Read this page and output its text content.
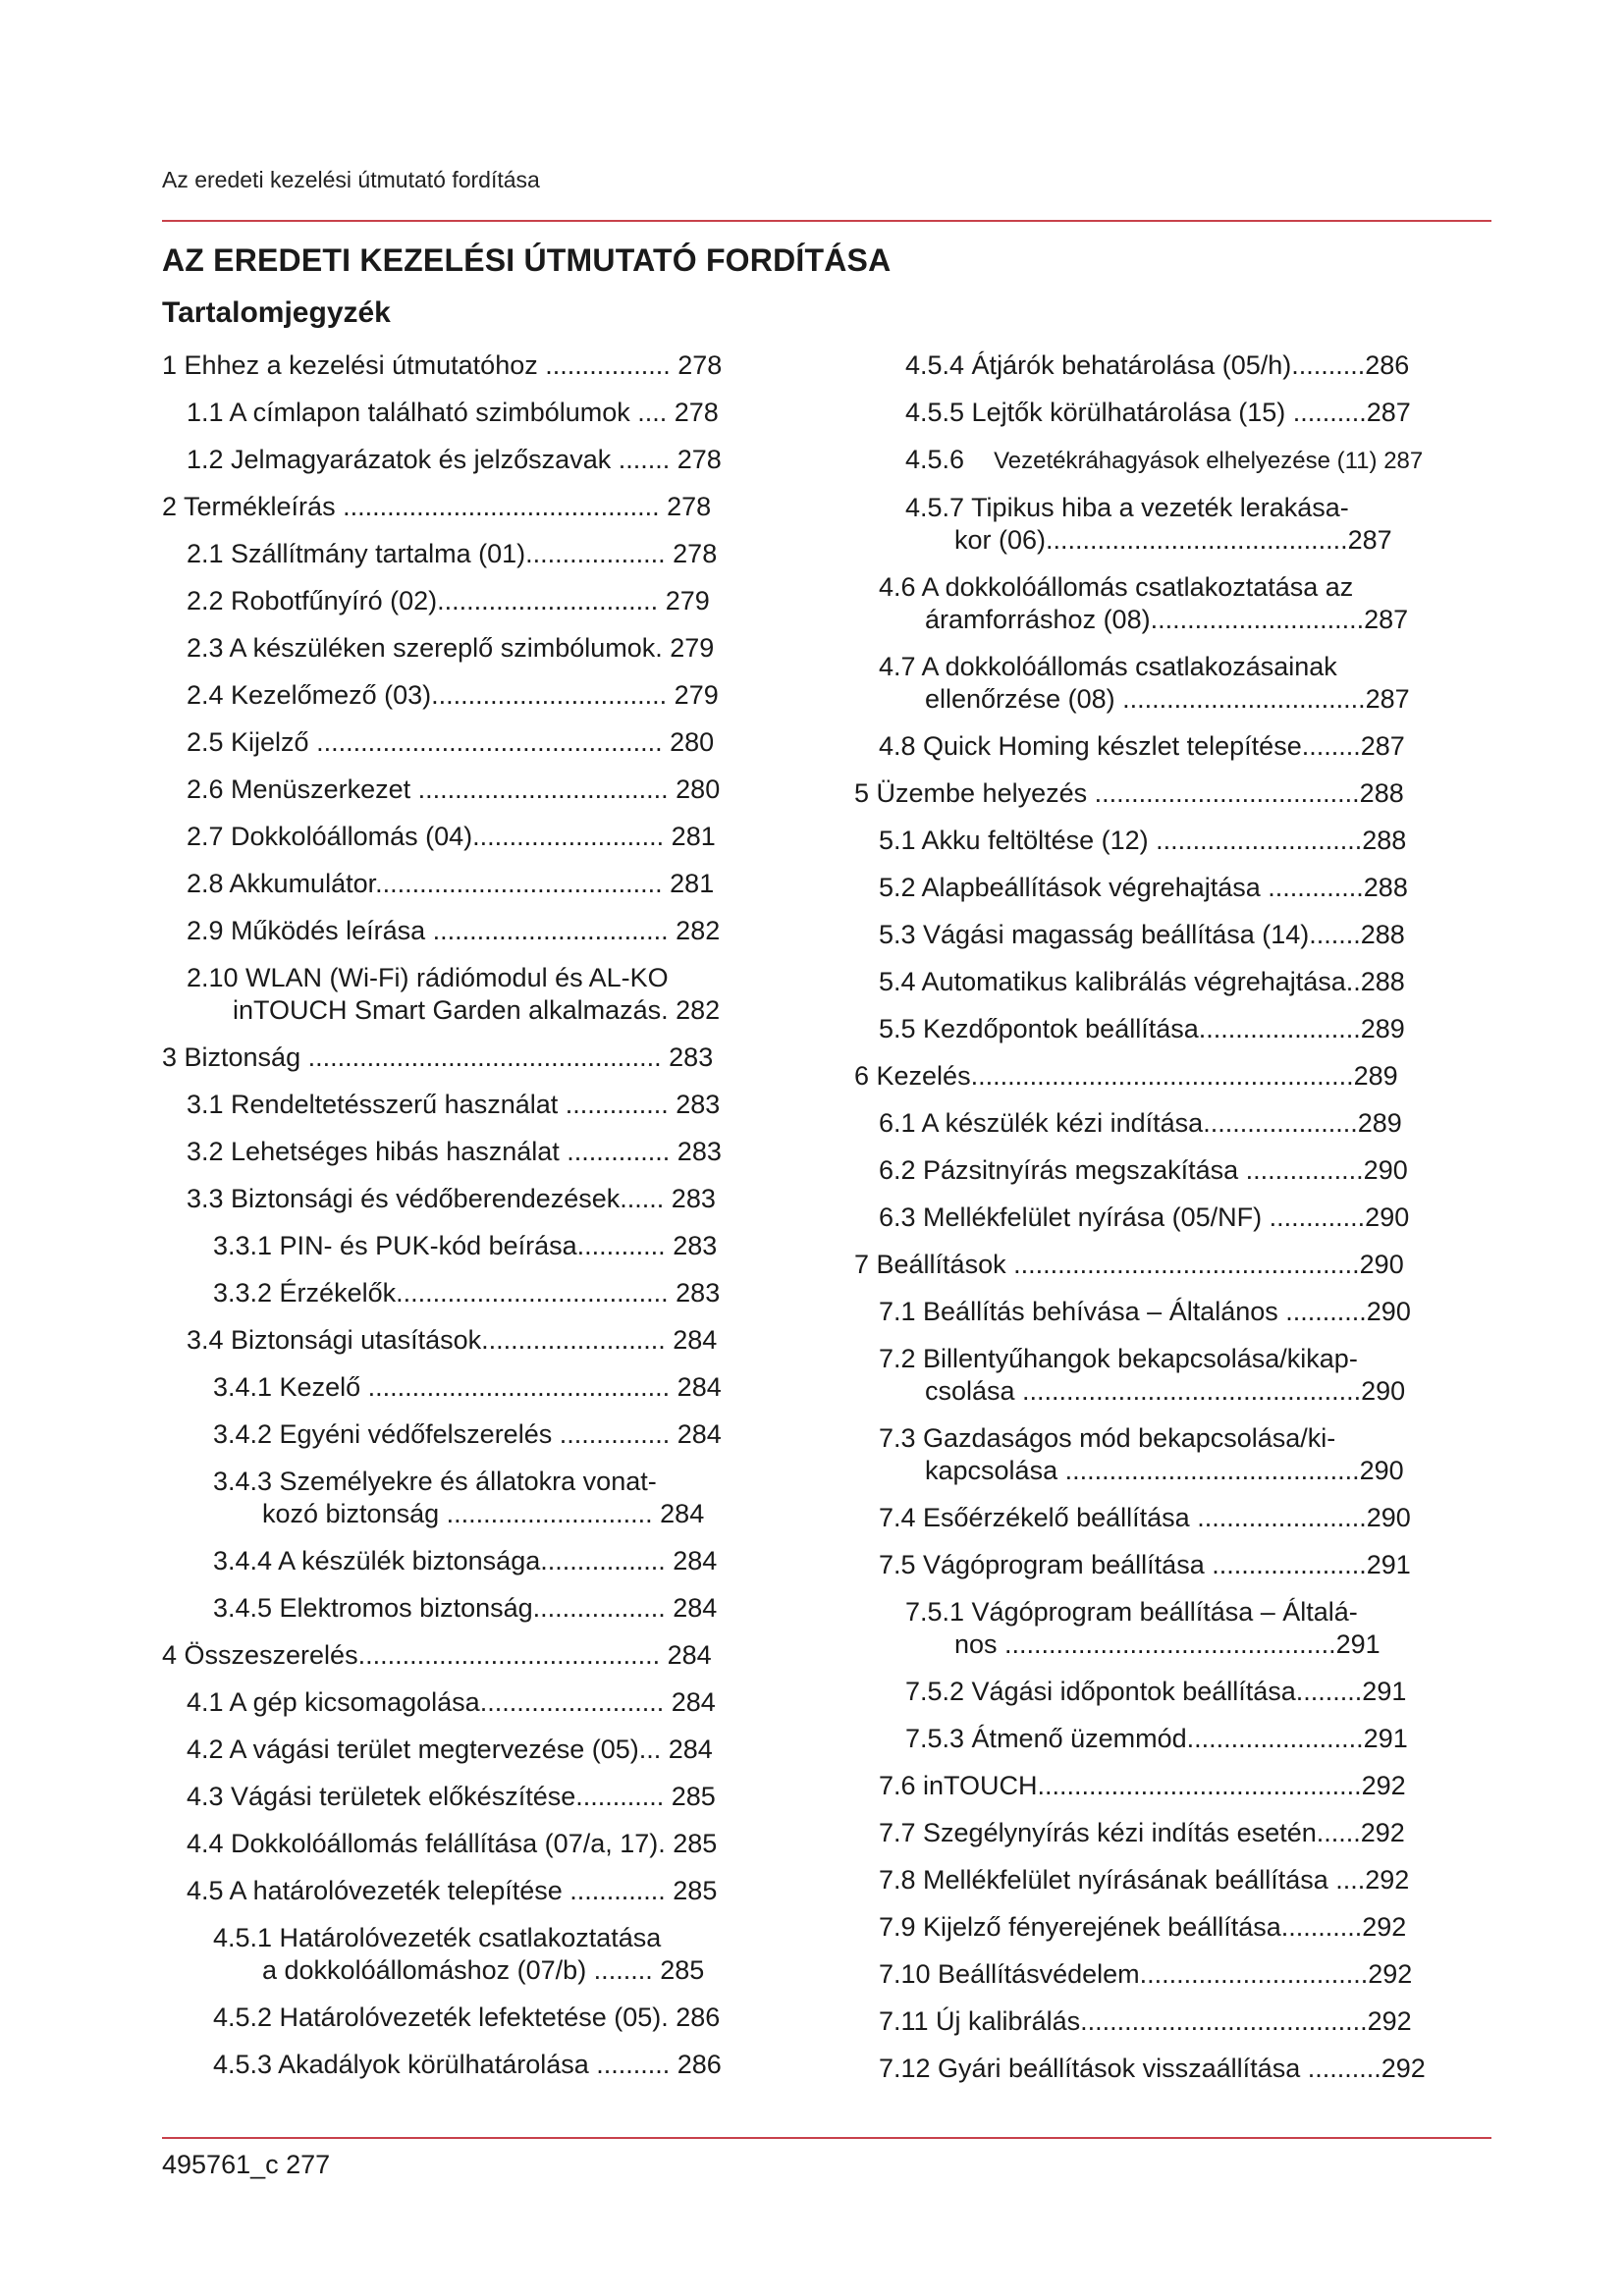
Az eredeti kezelési útmutató fordítása
AZ EREDETI KEZELÉSI ÚTMUTATÓ FORDÍTÁSA
Tartalomjegyzék
1 Ehhez a kezelési útmutatóhoz ................. 278
1.1 A címlapon található szimbólumok .... 278
1.2 Jelmagyarázatok és jelzőszavak ....... 278
2 Termékleírás ........................................... 278
2.1 Szállítmány tartalma (01)................... 278
2.2 Robotfűnyíró (02).............................. 279
2.3 A készüléken szereplő szimbólumok. 279
2.4 Kezelőmező (03)................................ 279
2.5 Kijelző ............................................... 280
2.6 Menüszerkezet .................................. 280
2.7 Dokkolóállomás (04).......................... 281
2.8 Akkumulátor....................................... 281
2.9 Működés leírása ................................ 282
2.10 WLAN (Wi-Fi) rádiómodul és AL-KO
inTOUCH Smart Garden alkalmazás. 282
3 Biztonság ................................................ 283
3.1 Rendeltetésszerű használat .............. 283
3.2 Lehetséges hibás használat .............. 283
3.3 Biztonsági és védőberendezések...... 283
3.3.1 PIN- és PUK-kód beírása............ 283
3.3.2 Érzékelők..................................... 283
3.4 Biztonsági utasítások......................... 284
3.4.1 Kezelő ......................................... 284
3.4.2 Egyéni védőfelszerelés ............... 284
3.4.3 Személyekre és állatokra vonat-
kozó biztonság ............................ 284
3.4.4 A készülék biztonsága................. 284
3.4.5 Elektromos biztonság.................. 284
4 Összeszerelés......................................... 284
4.1 A gép kicsomagolása......................... 284
4.2 A vágási terület megtervezése (05)... 284
4.3 Vágási területek előkészítése............ 285
4.4 Dokkolóállomás felállítása (07/a, 17). 285
4.5 A határolóvezeték telepítése ............. 285
4.5.1 Határolóvezeték csatlakoztatása
a dokkolóállomáshoz (07/b) ........ 285
4.5.2 Határolóvezeték lefektetése (05). 286
4.5.3 Akadályok körülhatárolása .......... 286
4.5.4 Átjárók behatárolása (05/h)..........286
4.5.5 Lejtők körülhatárolása (15) ..........287
4.5.6 Vezetékráhagyások elhelyezése (11) 287
4.5.7 Tipikus hiba a vezeték lerakása-
kor (06).........................................287
4.6 A dokkolóállomás csatlakoztatása az
áramforráshoz (08).............................287
4.7 A dokkolóállomás csatlakozásainak
ellenőrzése (08) .................................287
4.8 Quick Homing készlet telepítése........287
5 Üzembe helyezés ....................................288
5.1 Akku feltöltése (12) ............................288
5.2 Alapbeállítások végrehajtása .............288
5.3 Vágási magasság beállítása (14).......288
5.4 Automatikus kalibrálás végrehajtása..288
5.5 Kezdőpontok beállítása......................289
6 Kezelés....................................................289
6.1 A készülék kézi indítása.....................289
6.2 Pázsitnyírás megszakítása ................290
6.3 Mellékfelület nyírása (05/NF) .............290
7 Beállítások ...............................................290
7.1 Beállítás behívása – Általános ...........290
7.2 Billentyűhangok bekapcsolása/kikap-
csolása ..............................................290
7.3 Gazdaságos mód bekapcsolása/ki-
kapcsolása ........................................290
7.4 Esőérzékelő beállítása .......................290
7.5 Vágóprogram beállítása .....................291
7.5.1 Vágóprogram beállítása – Általá-
nos .............................................291
7.5.2 Vágási időpontok beállítása.........291
7.5.3 Átmenő üzemmód........................291
7.6 inTOUCH............................................292
7.7 Szegélynyírás kézi indítás esetén......292
7.8 Mellékfelület nyírásának beállítása ....292
7.9 Kijelző fényerejének beállítása...........292
7.10 Beállításvédelem...............................292
7.11 Új kalibrálás.......................................292
7.12 Gyári beállítások visszaállítása ..........292
495761_c 277
